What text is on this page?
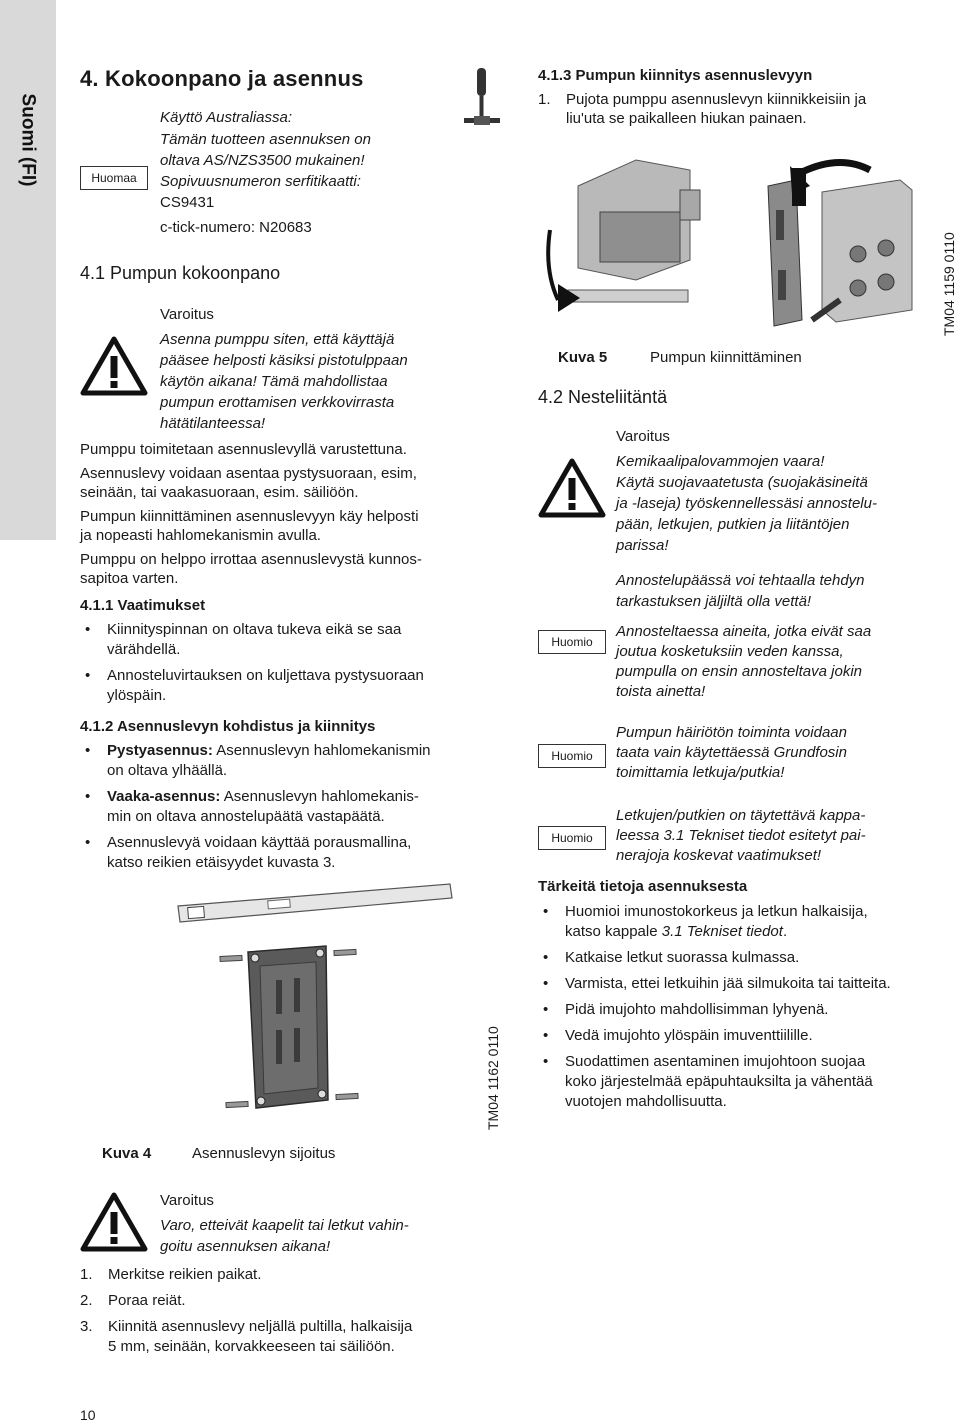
Suomi (FI)
4. Kokoonpano ja asennus
Huomaa
Käyttö Australiassa:
Tämän tuotteen asennuksen on
oltava AS/NZS3500 mukainen!
Sopivuusnumeron serfitikaatti:
CS9431
c-tick-numero: N20683
4.1 Pumpun kokoonpano
Varoitus
Asenna pumppu siten, että käyttäjä
pääsee helposti käsiksi pistotulppaan
käytön aikana! Tämä mahdollistaa
pumpun erottamisen verkkovirrasta
hätätilanteessa!

Pumppu toimitetaan asennuslevyllä varustettuna.

Asennuslevy voidaan asentaa pystysuoraan, esim,
seinään, tai vaakasuoraan, esim. säiliöön.

Pumpun kiinnittäminen asennuslevyyn käy helposti
ja nopeasti hahlomekanismin avulla.

Pumppu on helppo irrottaa asennuslevystä kunnos-
sapitoa varten.

4.1.1 Vaatimukset
• Kiinnityspinnan on oltava tukeva eikä se saa
värähdellä.
• Annosteluvirtauksen on kuljettava pystysuoraan
ylöspäin.
4.1.2 Asennuslevyn kohdistus ja kiinnitys
• Pystyasennus: Asennuslevyn hahlomekanismin
on oltava ylhäällä.
• Vaaka-asennus: Asennuslevyn hahlomekanis-
min on oltava annostelupäätä vastapäätä.
• Asennuslevyä voidaan käyttää porausmallina,
katso reikien etäisyydet kuvasta 3.
TM04 1162 0110
Kuva 4	Asennuslevyn sijoitus
Varoitus
Varo, etteivät kaapelit tai letkut vahin-
goitu asennuksen aikana!
1. Merkitse reikien paikat.
2. Poraa reiät.
3. Kiinnitä asennuslevy neljällä pultilla, halkaisija
5 mm, seinään, korvakkeeseen tai säiliöön.
10
4.1.3 Pumpun kiinnitys asennuslevyyn
1. Pujota pumppu asennuslevyn kiinnikkeisiin ja
liu'uta se paikalleen hiukan painaen.
TM04 1159 0110
Kuva 5	Pumpun kiinnittäminen
4.2 Nesteliitäntä
Varoitus
Kemikaalipalovammojen vaara!
Käytä suojavaatetusta (suojakäsineitä
ja -laseja) työskennellessäsi annostelu-
pään, letkujen, putkien ja liitäntöjen
parissa!
Annostelupäässä voi tehtaalla tehdyn
tarkastuksen jäljiltä olla vettä!
Huomio
Annosteltaessa aineita, jotka eivät saa
joutua kosketuksiin veden kanssa,
pumpulla on ensin annosteltava jokin
toista ainetta!
Huomio
Pumpun häiriötön toiminta voidaan
taata vain käytettäessä Grundfosin
toimittamia letkuja/putkia!
Huomio
Letkujen/putkien on täytettävä kappa-
leessa 3.1 Tekniset tiedot esitetyt pai-
nerajoja koskevat vaatimukset!
Tärkeitä tietoja asennuksesta
• Huomioi imunostokorkeus ja letkun halkaisija,
katso kappale 3.1 Tekniset tiedot.
• Katkaise letkut suorassa kulmassa.
• Varmista, ettei letkuihin jää silmukoita tai taitteita.
• Pidä imujohto mahdollisimman lyhyenä.
• Vedä imujohto ylöspäin imuventtiilille.
• Suodattimen asentaminen imujohtoon suojaa
koko järjestelmää epäpuhtauksilta ja vähentää
vuotojen mahdollisuutta.
